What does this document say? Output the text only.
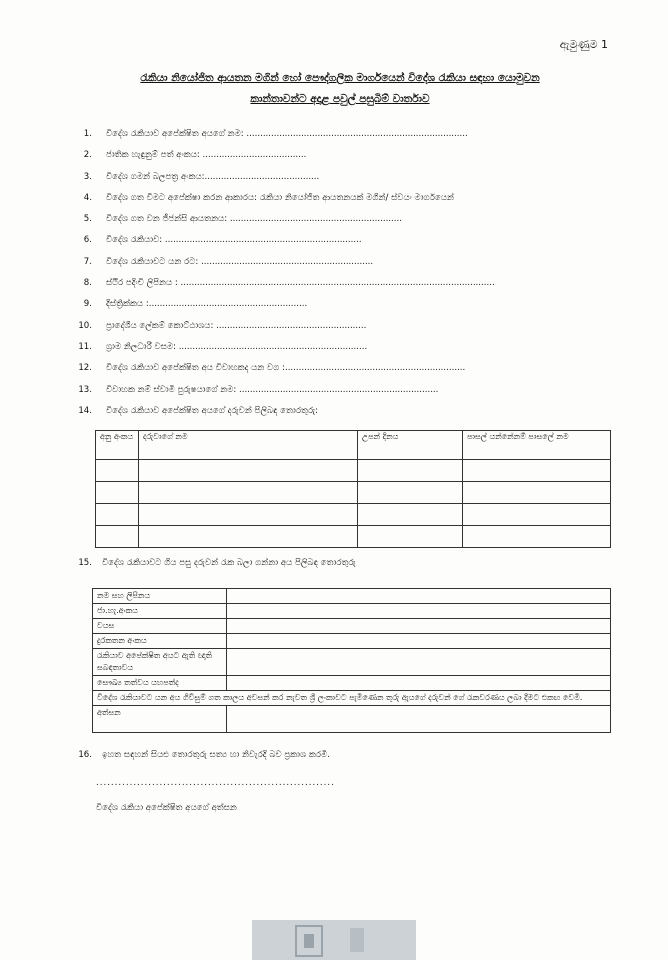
ඇමුණුම 1
රැකියා නියෝජිත ආයතන මගින් හෝ පෞද්ගලික මාර්ගයෙන් විදේශ රැකියා සඳහා යොමුවන
කාන්තාවන්ට අදාළ පවුල් පසුබිම් වාර්තාව
1. විදේශ රැකියාව අපේක්ෂිත අයගේ නම: .................................................................................
2. ජාතික හැඳුනුම් පත් අංකය: ......................................
3. විදේශ ගමන් බලපත්‍ර අංකය:..........................................
4. විදේශ ගත වීමට අපේක්ෂා කරන ආකාරය: රැකියා නියෝජිත ආයතනයක් මගින්/ ස්වයං මාර්ගයෙන්
5. විදේශ ගත වන ජීජන්සි ආයතනය: ...............................................................
6. විදේශ රැකියාව: ........................................................................
7. විදේශ රැකියාවට යන රට: ...............................................................
8. ස්ථිර පදිංචි ලිපිනය : ...................................................................................................................
9. දිස්ත්‍රික්කය :..........................................................
10. ප්‍රාදේශීය ලේකම් කොට්ඨාශය: .......................................................
11. ග්‍රාම නිලධාරී වසම: .....................................................................
12. විදේශ රැකියාව අපේක්ෂිත අය විවාහකද යන වග :..................................................................
13. විවාහක නම් ස්වාමී පුරුෂයාගේ නම: .........................................................................
14. විදේශ රැකියාව අපේක්ෂිත අයගේ දරුවන් පිලිබඳ තොරතුරු:
අනු අංකය	දරුවාගේ නම	උපන් දිනය	පාසල් යන්නේනම් පාසලේ නම

15. විදේශ රැකියාවට ගිය පසු දරුවන් රැක බලා ගන්නා අය පිලිබඳ තොරතුරු
නම සහ ලිපිනය	
ජා.හැ.අංකය	
වයස	
දුරකතන අංකය	
රැකියාව අපේක්ෂිත අයට ඇති ඥාති සබඳතාවය	
සෞඛ්‍ය තත්වය යහපත්ද	
විදේශ රැකියාවට යන අය ගිවිසුම් ගත කාලය අවසන් කර නැවත ශ්‍රී ලංකාවට පැමිණෙන තුරු ඇයගේ දරුවන් ගේ රැකවරණය ලබා දීමට එකඟ වෙමි.	
අත්සන	
16. ඉහත සඳහන් සියළු තොරතුරු සත්‍ය හා නිවැරදි බව ප්‍රකාශ කරමි.
................................................................
විදේශ රැකියා අපේක්ෂිත අයගේ අත්සන
